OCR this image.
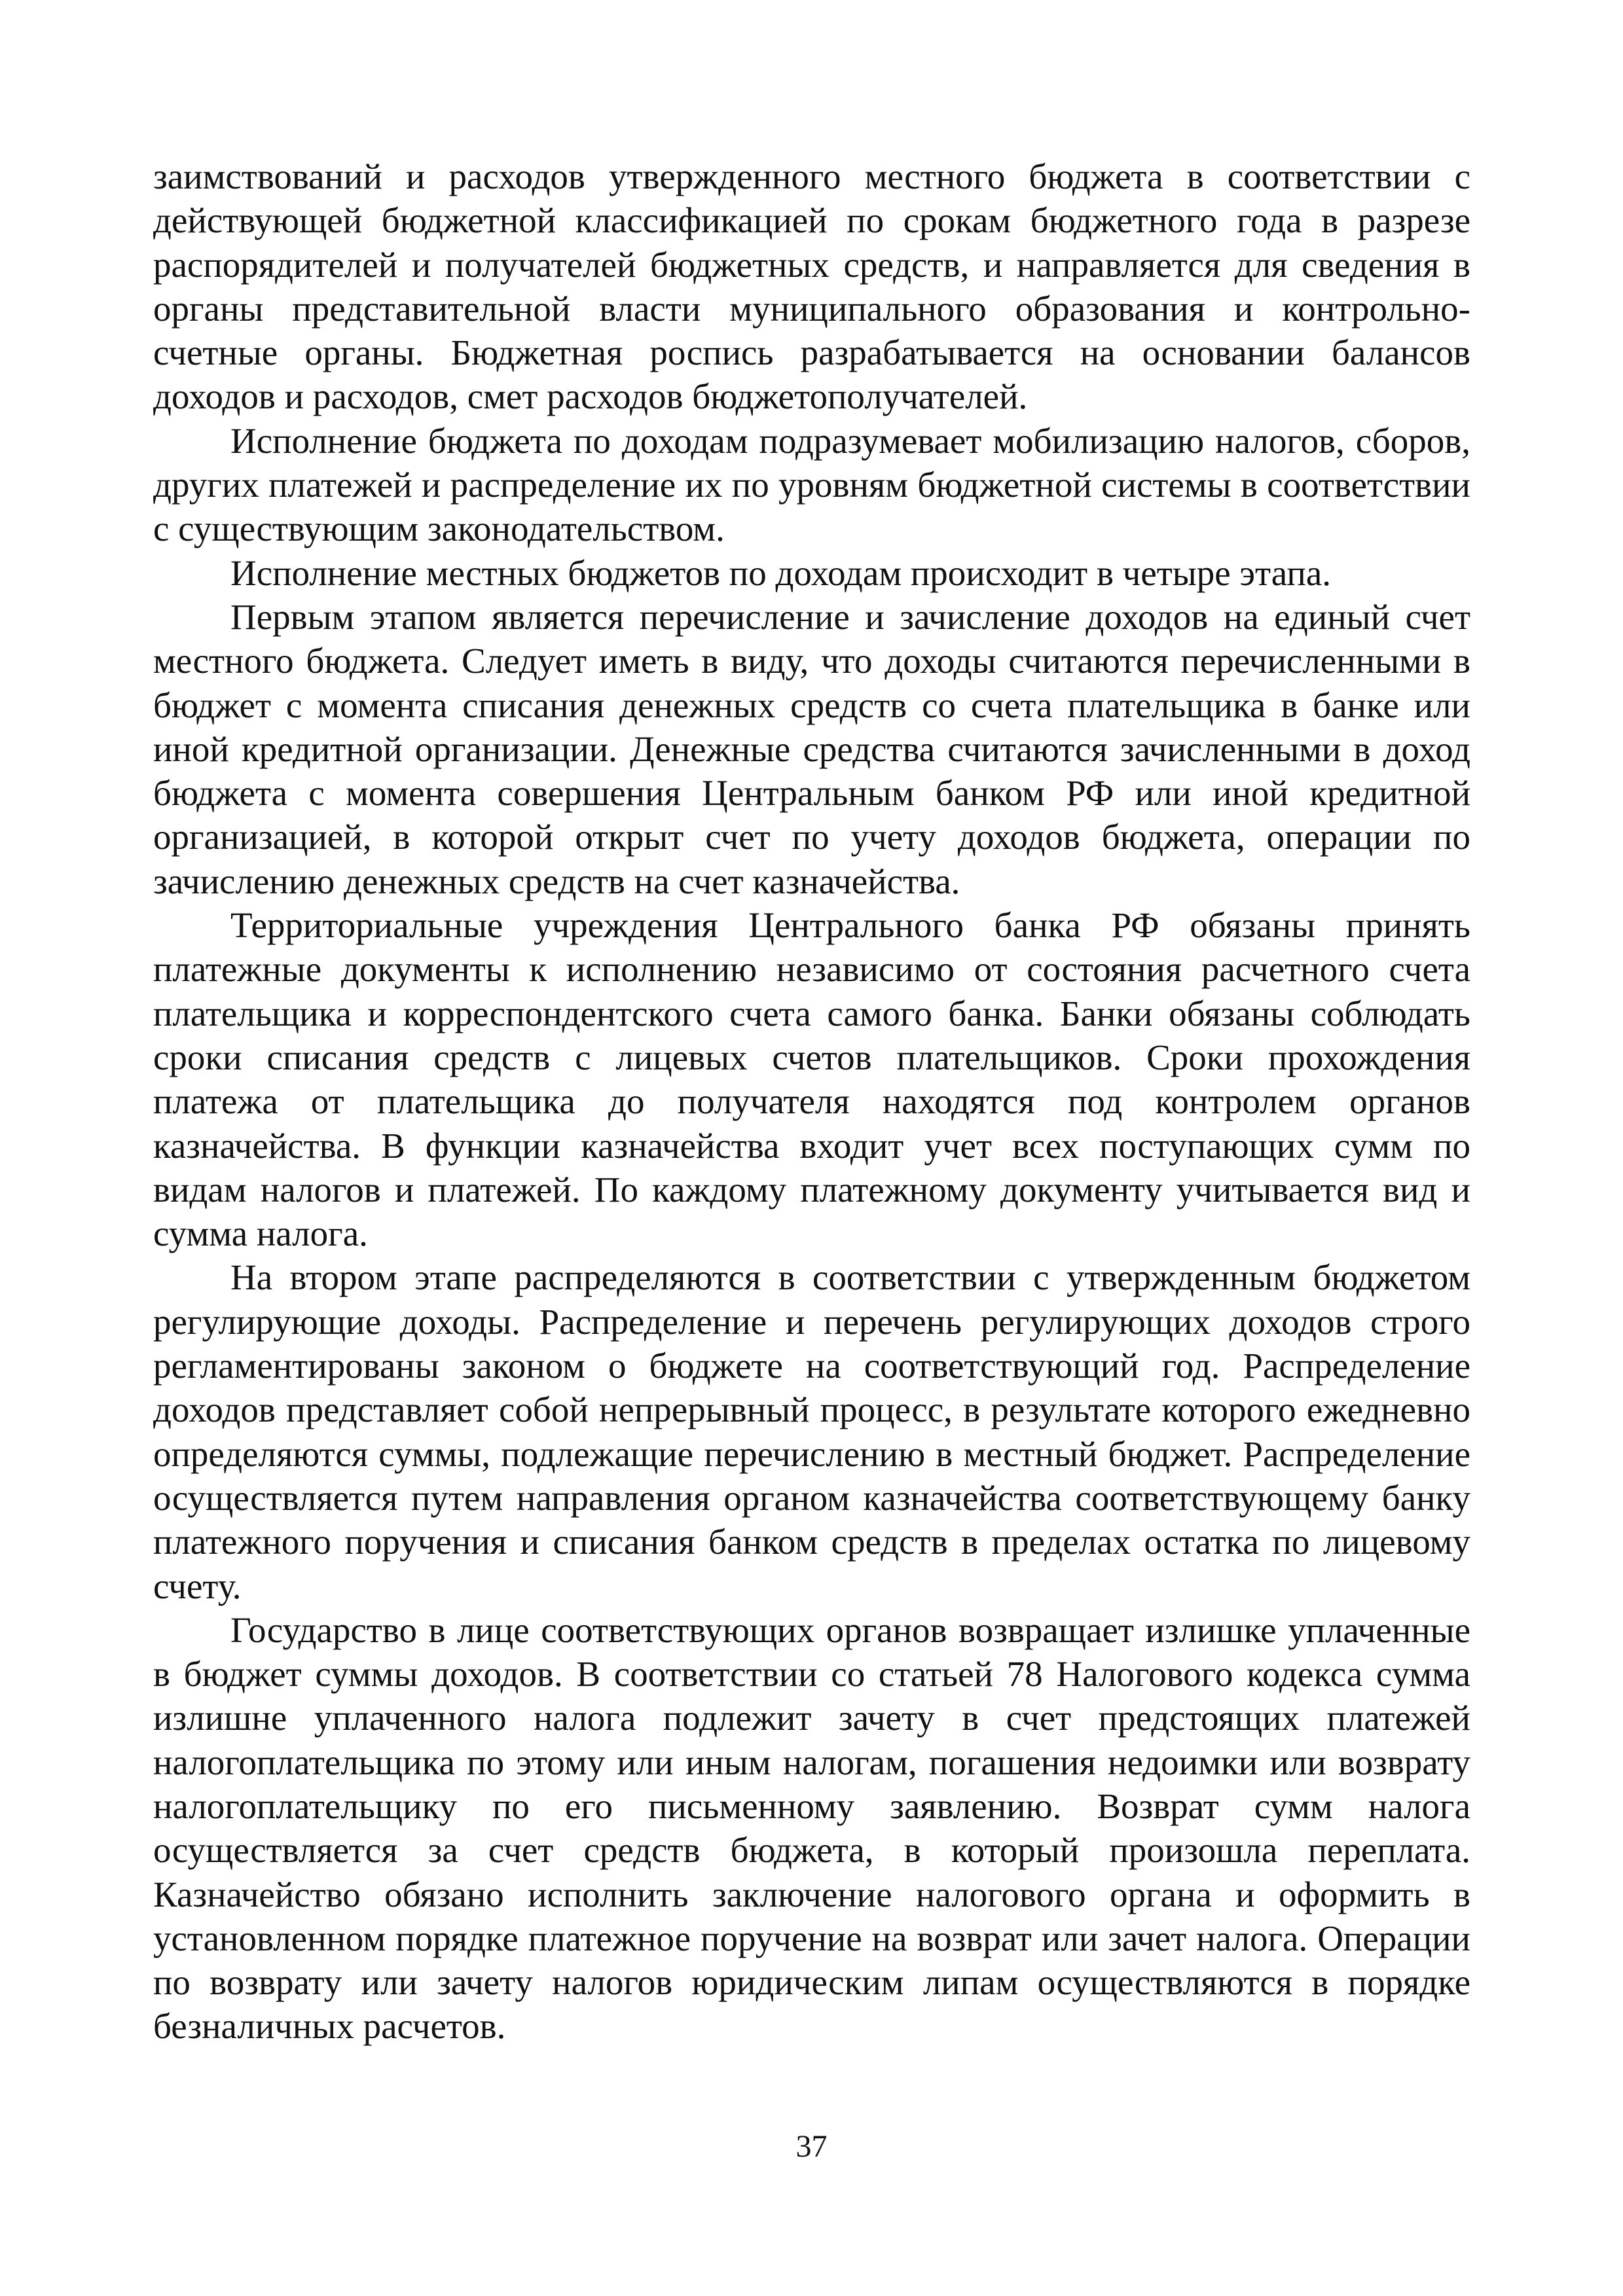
заимствований и расходов утвержденного местного бюджета в соответствии с действующей бюджетной классификацией по срокам бюджетного года в разрезе распорядителей и получателей бюджетных средств, и направляется для сведения в органы представительной власти муниципального образования и контрольно-счетные органы. Бюджетная роспись разрабатывается на основании балансов доходов и расходов, смет расходов бюджетополучателей.

Исполнение бюджета по доходам подразумевает мобилизацию налогов, сборов, других платежей и распределение их по уровням бюджетной системы в соответствии с существующим законодательством.

Исполнение местных бюджетов по доходам происходит в четыре этапа.

Первым этапом является перечисление и зачисление доходов на единый счет местного бюджета. Следует иметь в виду, что доходы считаются перечисленными в бюджет с момента списания денежных средств со счета плательщика в банке или иной кредитной организации. Денежные средства считаются зачисленными в доход бюджета с момента совершения Центральным банком РФ или иной кредитной организацией, в которой открыт счет по учету доходов бюджета, операции по зачислению денежных средств на счет казначейства.

Территориальные учреждения Центрального банка РФ обязаны принять платежные документы к исполнению независимо от состояния расчетного счета плательщика и корреспондентского счета самого банка. Банки обязаны соблюдать сроки списания средств с лицевых счетов плательщиков. Сроки прохождения платежа от плательщика до получателя находятся под контролем органов казначейства. В функции казначейства входит учет всех поступающих сумм по видам налогов и платежей. По каждому платежному документу учитывается вид и сумма налога.

На втором этапе распределяются в соответствии с утвержденным бюджетом регулирующие доходы. Распределение и перечень регулирующих доходов строго регламентированы законом о бюджете на соответствующий год. Распределение доходов представляет собой непрерывный процесс, в результате которого ежедневно определяются суммы, подлежащие перечислению в местный бюджет. Распределение осуществляется путем направления органом казначейства соответствующему банку платежного поручения и списания банком средств в пределах остатка по лицевому счету.

Государство в лице соответствующих органов возвращает излишке уплаченные в бюджет суммы доходов. В соответствии со статьей 78 Налогового кодекса сумма излишне уплаченного налога подлежит зачету в счет предстоящих платежей налогоплательщика по этому или иным налогам, погашения недоимки или возврату налогоплательщику по его письменному заявлению. Возврат сумм налога осуществляется за счет средств бюджета, в который произошла переплата. Казначейство обязано исполнить заключение налогового органа и оформить в установленном порядке платежное поручение на возврат или зачет налога. Операции по возврату или зачету налогов юридическим липам осуществляются в порядке безналичных расчетов.

37
